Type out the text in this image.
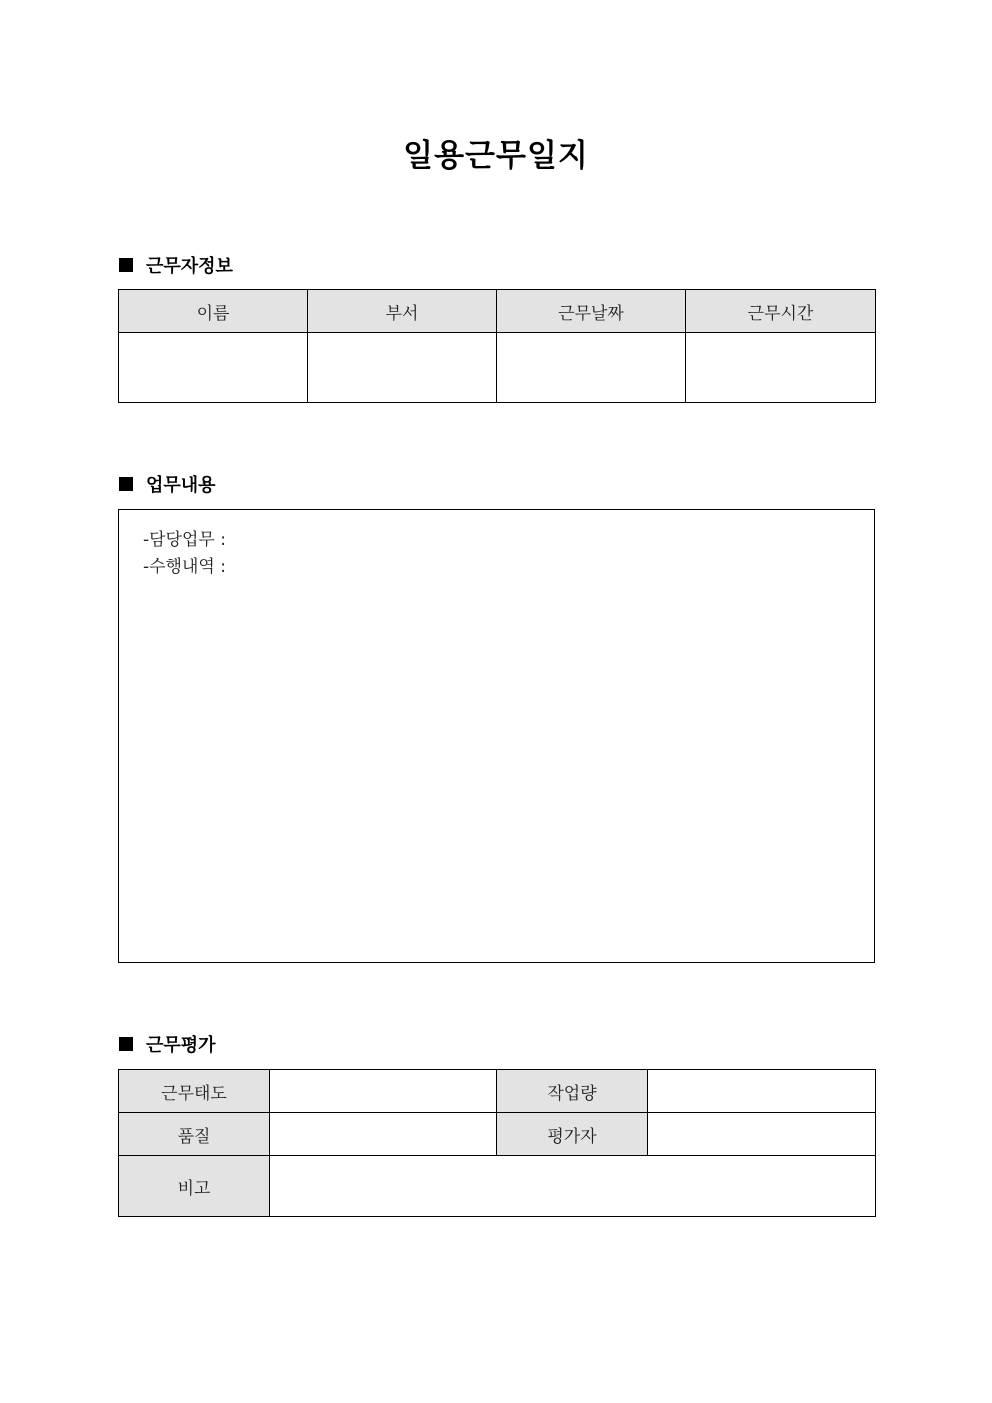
일용근무일지
근무자정보
이름	부서	근무날짜	근무시간

업무내용
-담당업무 :
-수행내역 :
근무평가
근무태도		작업량	
품질		평가자	
비고			
